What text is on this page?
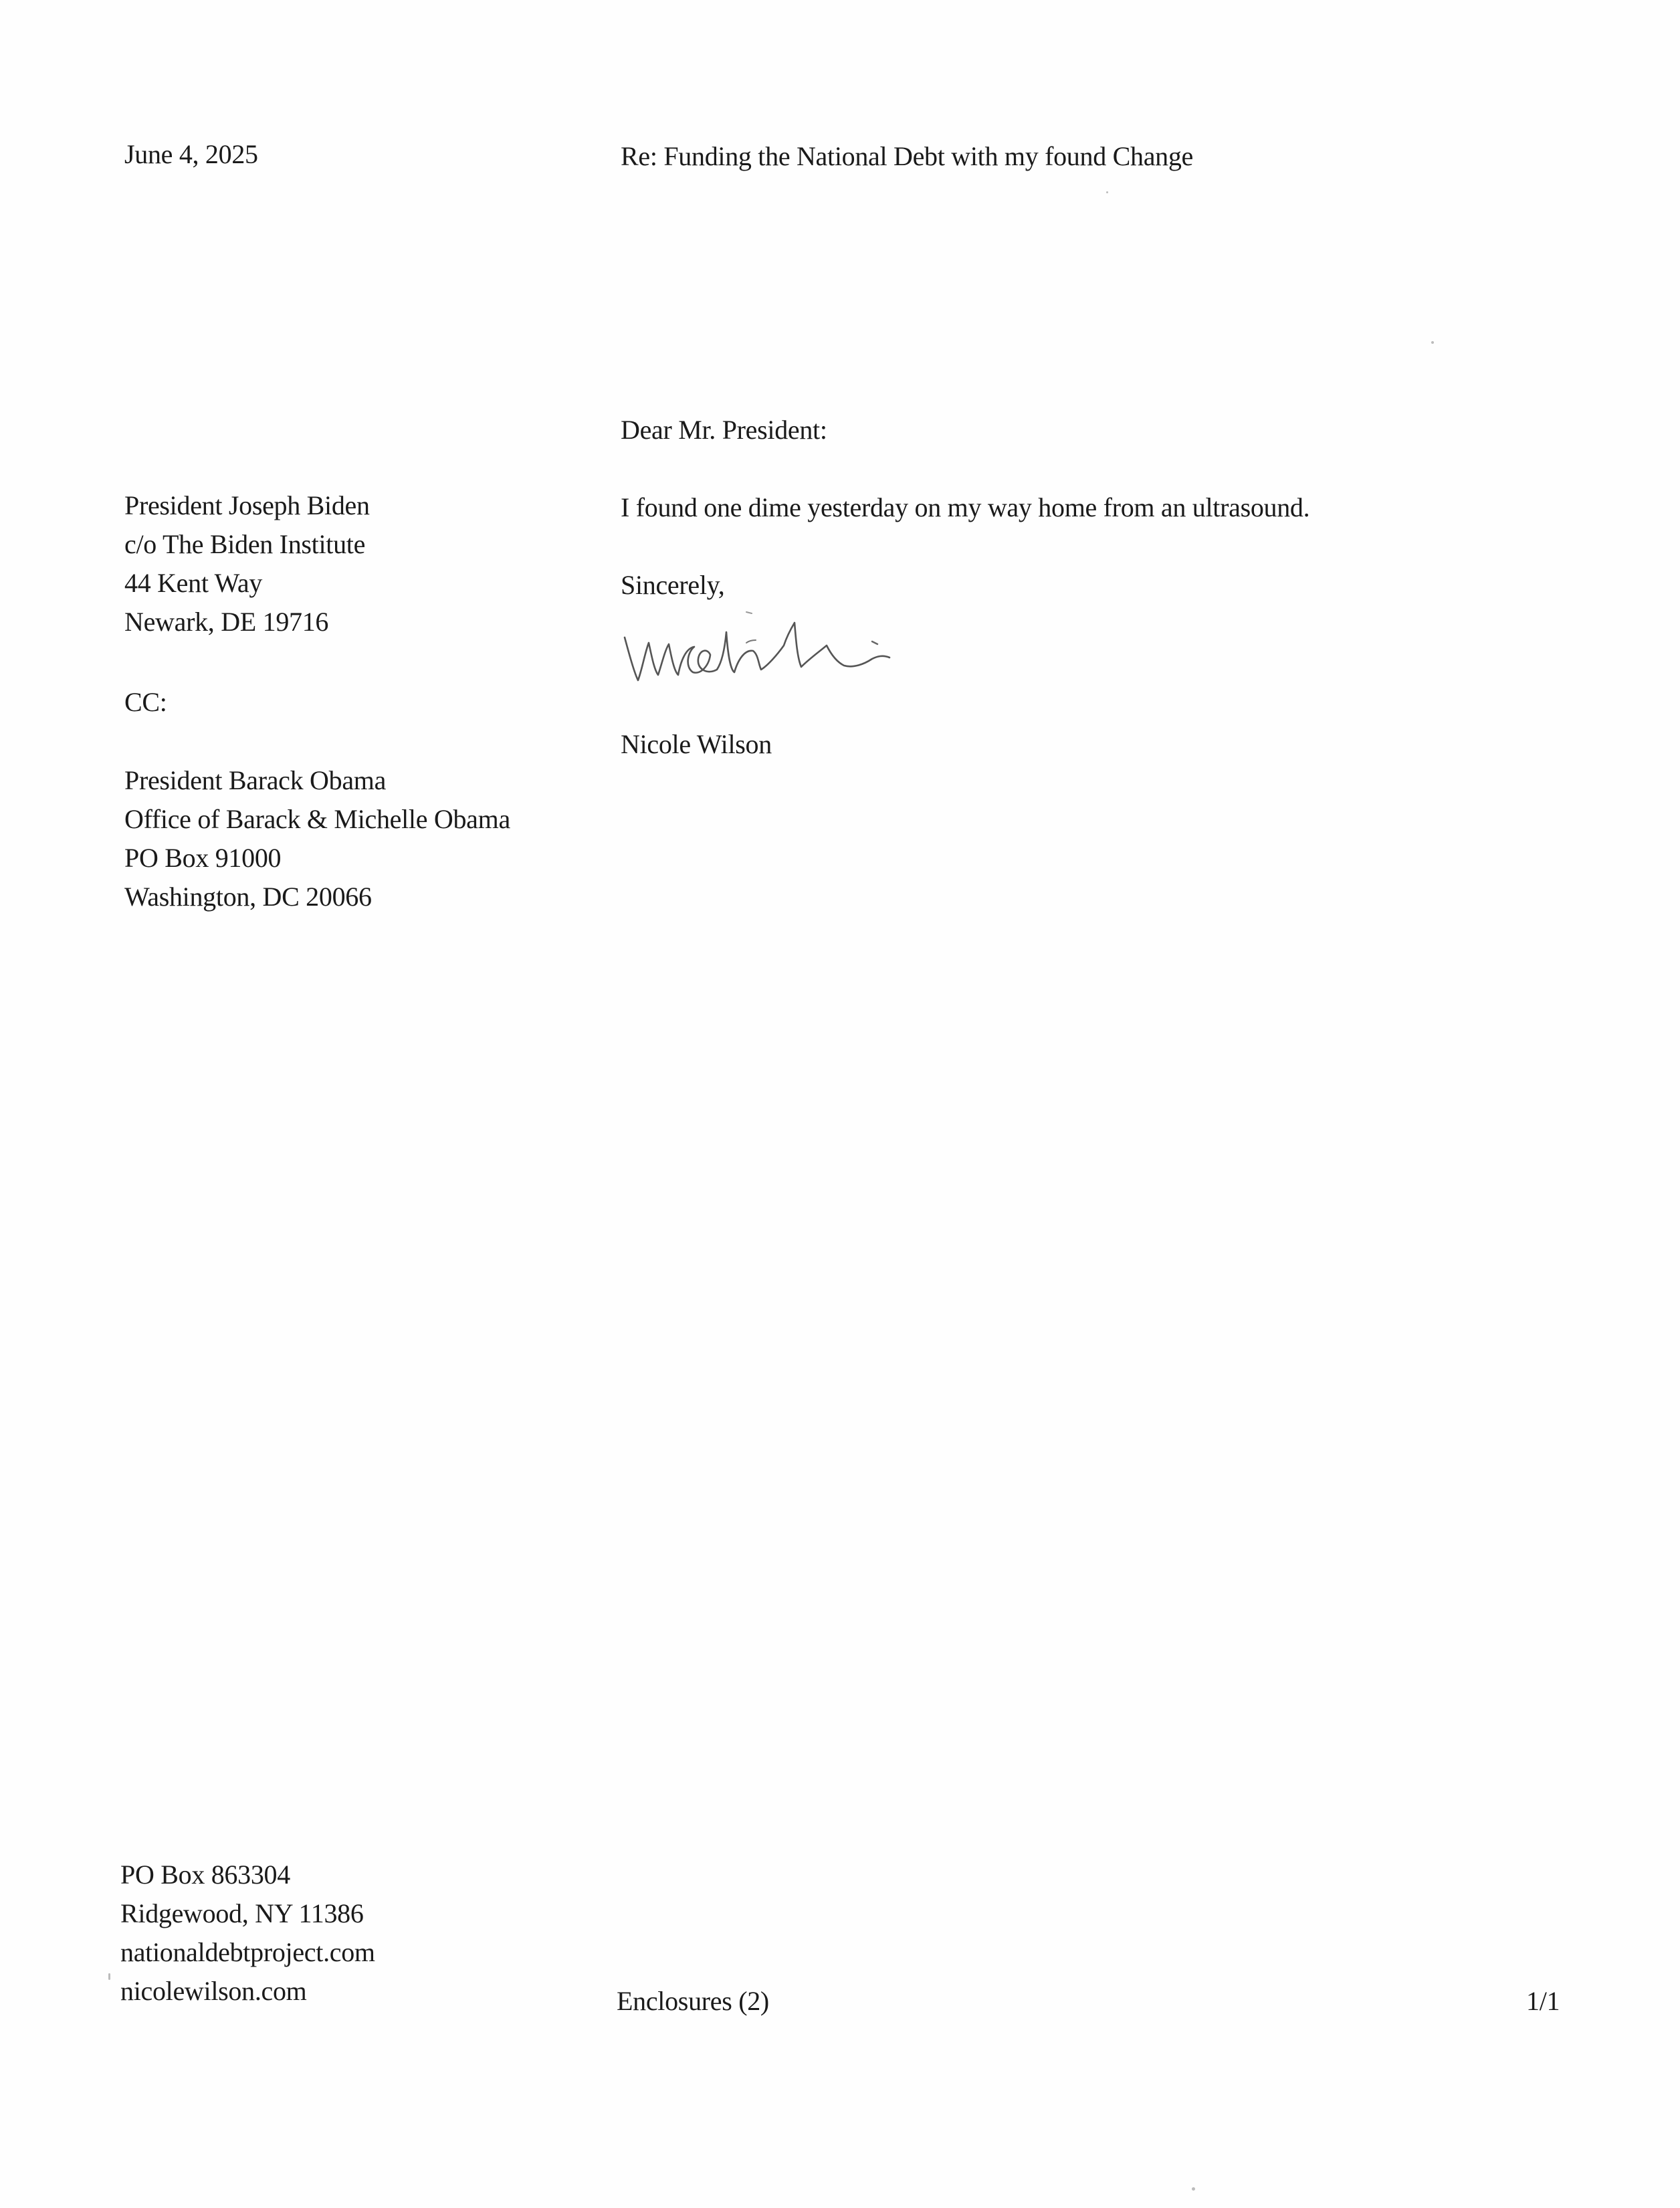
June 4, 2025	Re: Funding the National Debt with my found Change
Dear Mr. President:
President Joseph Biden
c/o The Biden Institute
44 Kent Way
Newark, DE 19716
I found one dime yesterday on my way home from an ultrasound.
Sincerely,
Nicole Wilson
CC:
President Barack Obama
Office of Barack & Michelle Obama
PO Box 91000
Washington, DC 20066
PO Box 863304
Ridgewood, NY 11386
nationaldebtproject.com
nicolewilson.com	Enclosures (2)	1/1
